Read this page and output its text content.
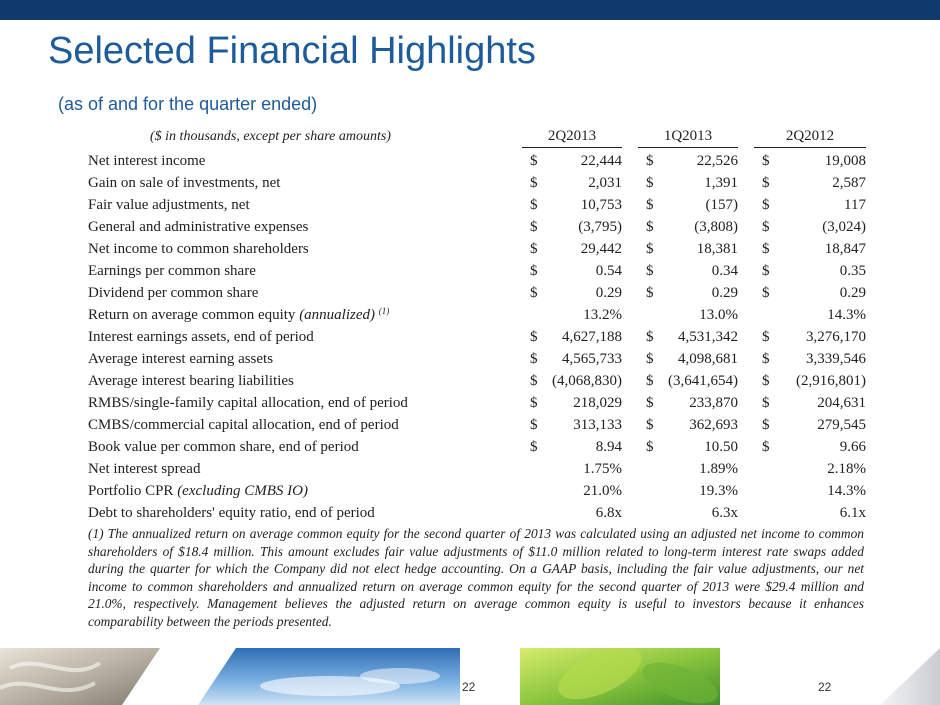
Selected Financial Highlights
(as of and for the quarter ended)
($ in thousands, except per share amounts)	2Q2013	1Q2013	2Q2012
Net interest income	$	22,444 $	22,526 $	19,008
Gain on sale of investments, net	$	2,031 $	1,391 $	2,587
Fair value adjustments, net	$	10,753 $	(157) $	117
General and administrative expenses	$	(3,795) $	(3,808) $	(3,024)
Net income to common shareholders	$	29,442 $	18,381 $	18,847
Earnings per common share	$	0.54 $	0.34 $	0.35
Dividend per common share	$	0.29 $	0.29 $	0.29
Return on average common equity (annualized) $^{(1)}$	13.2%	13.0%	14.3%
Interest earnings assets, end of period	$ 4,627,188 $ 4,531,342 $ 3,276,170
Average interest earning assets	$ 4,565,733 $ 4,098,681 $ 3,339,546
Average interest bearing liabilities	$ (4,068,830) $ (3,641,654) $ (2,916,801)
RMBS/single-family capital allocation, end of period	$ 218,029 $ 233,870 $	204,631
CMBS/commercial capital allocation, end of period	$ 313,133 $ 362,693 $	279,545
Book value per common share, end of period	$	8.94 $	10.50 $	9.66
Net interest spread	1.75%	1.89%	2.18%
Portfolio CPR (excluding CMBS IO)	21.0%	19.3%	14.3%
Debt to shareholders' equity ratio, end of period	6.8x	6.3x	6.1x
(1) The annualized return on average common equity for the second quarter of 2013 was calculated using an adjusted net income to common shareholders of $18.4 million. This amount excludes fair value adjustments of $11.0 million related to long-term interest rate swaps added during the quarter for which the Company did not elect hedge accounting. On a GAAP basis, including the fair value adjustments, our net income to common shareholders and annualized return on average common equity for the second quarter of 2013 were $29.4 million and 21.0%, respectively. Management believes the adjusted return on average common equity is useful to investors because it enhances comparability between the periods presented.
22	22
